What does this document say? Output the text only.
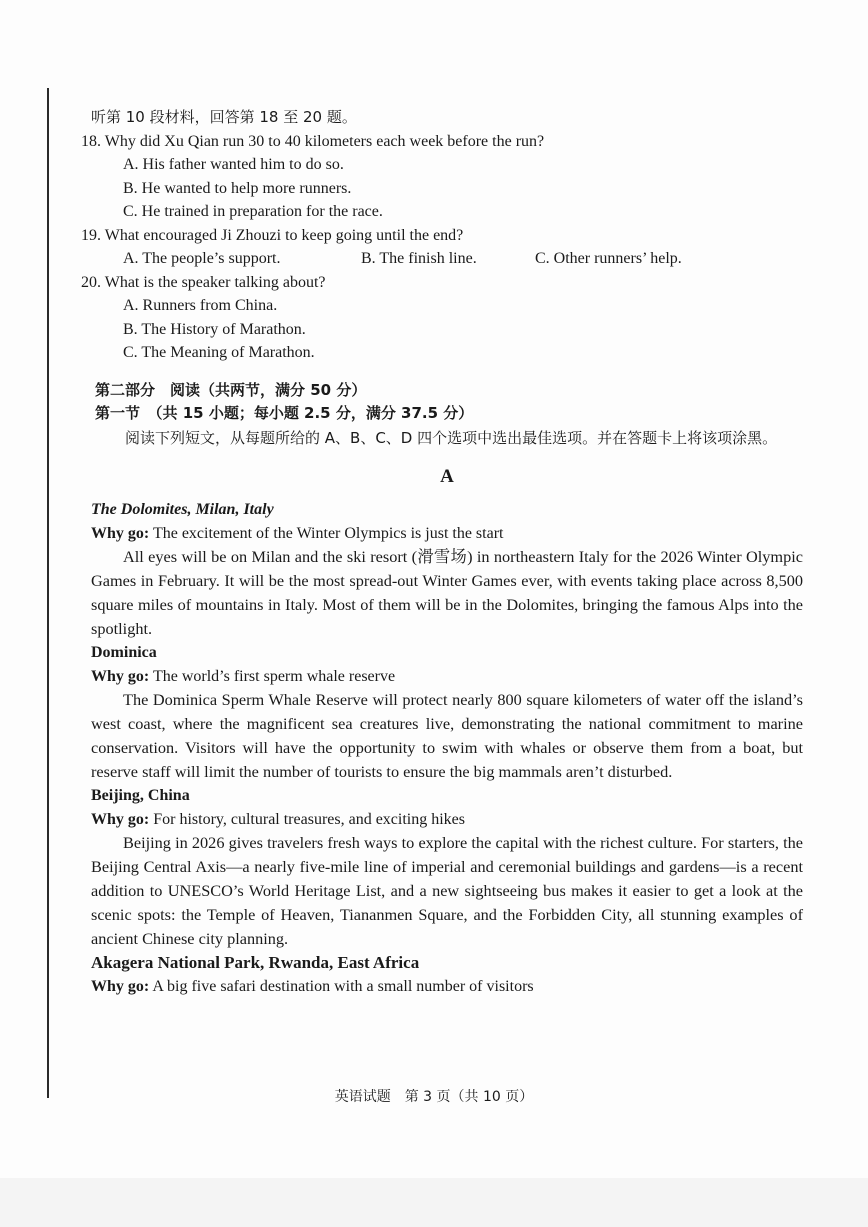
听第 10 段材料，回答第 18 至 20 题。
18. Why did Xu Qian run 30 to 40 kilometers each week before the run?
A. His father wanted him to do so.
B. He wanted to help more runners.
C. He trained in preparation for the race.
19. What encouraged Ji Zhouzi to keep going until the end?
A. The people’s support.	B. The finish line.	C. Other runners’ help.
20. What is the speaker talking about?
A. Runners from China.
B. The History of Marathon.
C. The Meaning of Marathon.
第二部分　阅读（共两节，满分 50 分）
第一节　（共 15 小题；每小题 2.5 分，满分 37.5 分）
阅读下列短文，从每题所给的 A、B、C、D 四个选项中选出最佳选项。并在答题卡上将该项涂黑。
A
The Dolomites, Milan, Italy
Why go: The excitement of the Winter Olympics is just the start

All eyes will be on Milan and the ski resort (滑雪场) in northeastern Italy for the 2026 Winter Olympic Games in February. It will be the most spread-out Winter Games ever, with events taking place across 8,500 square miles of mountains in Italy. Most of them will be in the Dolomites, bringing the famous Alps into the spotlight.

Dominica
Why go: The world’s first sperm whale reserve

The Dominica Sperm Whale Reserve will protect nearly 800 square kilometers of water off the island’s west coast, where the magnificent sea creatures live, demonstrating the national commitment to marine conservation. Visitors will have the opportunity to swim with whales or observe them from a boat, but reserve staff will limit the number of tourists to ensure the big mammals aren’t disturbed.

Beijing, China
Why go: For history, cultural treasures, and exciting hikes

Beijing in 2026 gives travelers fresh ways to explore the capital with the richest culture. For starters, the Beijing Central Axis—a nearly five-mile line of imperial and ceremonial buildings and gardens—is a recent addition to UNESCO’s World Heritage List, and a new sightseeing bus makes it easier to get a look at the scenic spots: the Temple of Heaven, Tiananmen Square, and the Forbidden City, all stunning examples of ancient Chinese city planning.

Akagera National Park, Rwanda, East Africa
Why go: A big five safari destination with a small number of visitors
英语试题　第 3 页（共 10 页）
